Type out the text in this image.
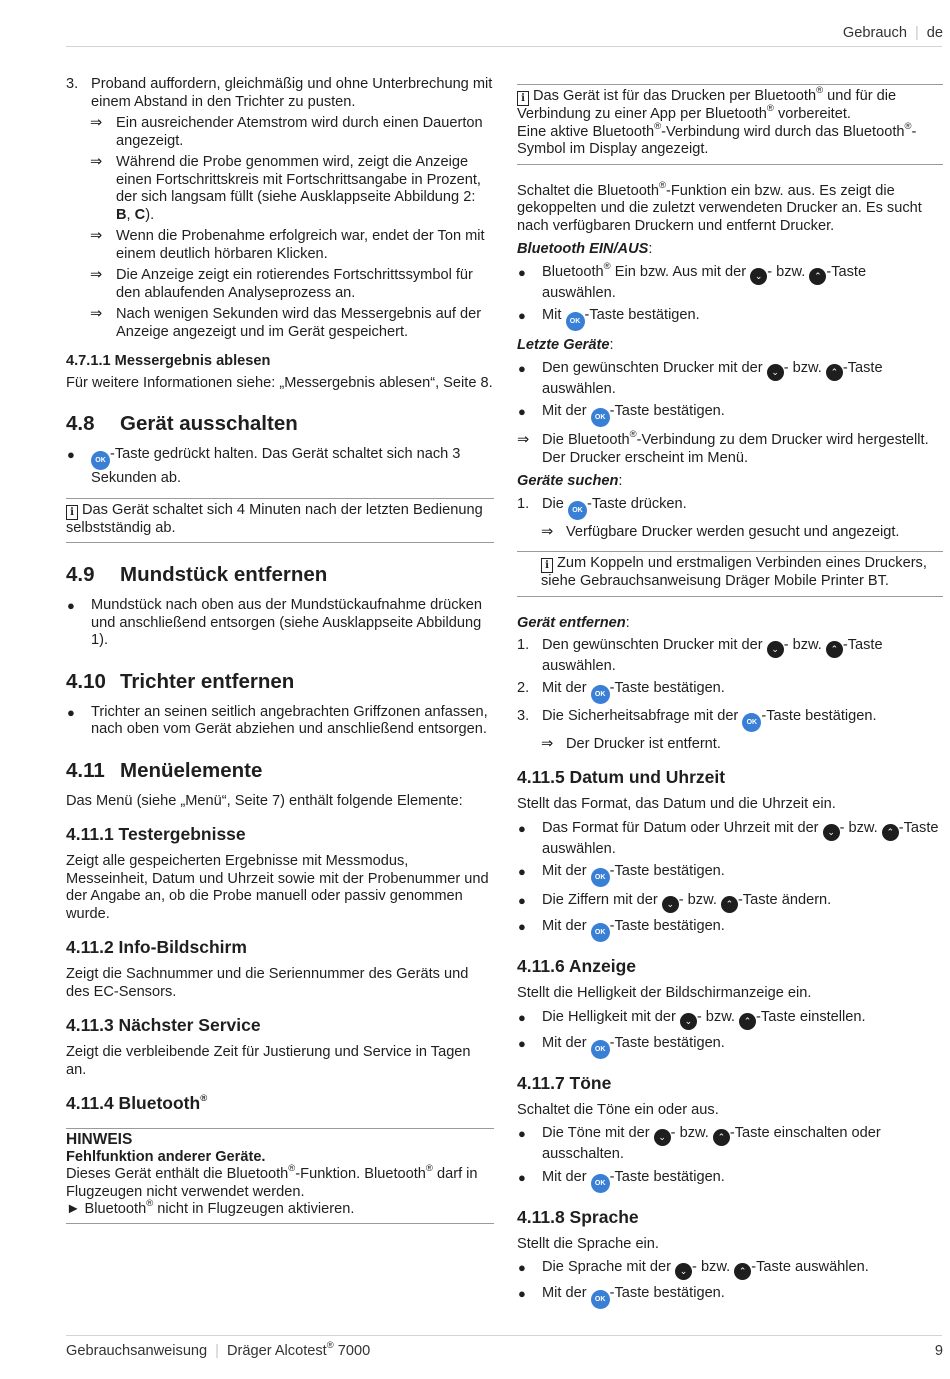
Gebrauch | de
3. Proband auffordern, gleichmäßig und ohne Unterbrechung mit einem Abstand in den Trichter zu pusten.
⇒ Ein ausreichender Atemstrom wird durch einen Dauerton angezeigt.
⇒ Während die Probe genommen wird, zeigt die Anzeige einen Fortschrittskreis mit Fortschrittsangabe in Prozent, der sich langsam füllt (siehe Ausklappseite Abbildung 2: B, C).
⇒ Wenn die Probenahme erfolgreich war, endet der Ton mit einem deutlich hörbaren Klicken.
⇒ Die Anzeige zeigt ein rotierendes Fortschrittssymbol für den ablaufenden Analyseprozess an.
⇒ Nach wenigen Sekunden wird das Messergebnis auf der Anzeige angezeigt und im Gerät gespeichert.
4.7.1.1 Messergebnis ablesen

Für weitere Informationen siehe: „Messergebnis ablesen“, Seite 8.

4.8 Gerät ausschalten
●	OK -Taste gedrückt halten. Das Gerät schaltet sich nach 3 Sekunden ab.
i Das Gerät schaltet sich 4 Minuten nach der letzten Bedienung selbstständig ab.
4.9 Mundstück entfernen
● Mundstück nach oben aus der Mundstückaufnahme drücken und anschließend entsorgen (siehe Ausklappseite Abbildung 1).
4.10 Trichter entfernen
● Trichter an seinen seitlich angebrachten Griffzonen anfassen, nach oben vom Gerät abziehen und anschließend entsorgen.
4.11 Menüelemente

Das Menü (siehe „Menü“, Seite 7) enthält folgende Elemente:

4.11.1 Testergebnisse

Zeigt alle gespeicherten Ergebnisse mit Messmodus, Messeinheit, Datum und Uhrzeit sowie mit der Probenummer und der Angabe an, ob die Probe manuell oder passiv genommen wurde.

4.11.2 Info-Bildschirm

Zeigt die Sachnummer und die Seriennummer des Geräts und des EC-Sensors.

4.11.3 Nächster Service

Zeigt die verbleibende Zeit für Justierung und Service in Tagen an.

4.11.4 Bluetooth®
HINWEIS
Fehlfunktion anderer Geräte.
Dieses Gerät enthält die Bluetooth®-Funktion. Bluetooth® darf in Flugzeugen nicht verwendet werden.
► Bluetooth® nicht in Flugzeugen aktivieren.
i Das Gerät ist für das Drucken per Bluetooth® und für die Verbindung zu einer App per Bluetooth® vorbereitet.
Eine aktive Bluetooth®-Verbindung wird durch das Bluetooth®-Symbol im Display angezeigt.

Schaltet die Bluetooth®-Funktion ein bzw. aus. Es zeigt die gekoppelten und die zuletzt verwendeten Drucker an. Es sucht nach verfügbaren Druckern und entfernt Drucker.

Bluetooth EIN/AUS:
● Bluetooth® Ein bzw. Aus mit der ⌄ - bzw. ⌃ -Taste auswählen.
● Mit OK -Taste bestätigen.
Letzte Geräte:
● Den gewünschten Drucker mit der ⌄ - bzw. ⌃ -Taste auswählen.
● Mit der OK -Taste bestätigen.
⇒ Die Bluetooth®-Verbindung zu dem Drucker wird hergestellt. Der Drucker erscheint im Menü.
Geräte suchen:
1. Die OK -Taste drücken.
⇒ Verfügbare Drucker werden gesucht und angezeigt.
i Zum Koppeln und erstmaligen Verbinden eines Druckers, siehe Gebrauchsanweisung Dräger Mobile Printer BT.
Gerät entfernen:
1. Den gewünschten Drucker mit der ⌄ - bzw. ⌃ -Taste auswählen.
2. Mit der OK -Taste bestätigen.
3. Die Sicherheitsabfrage mit der OK -Taste bestätigen.
⇒ Der Drucker ist entfernt.
4.11.5 Datum und Uhrzeit

Stellt das Format, das Datum und die Uhrzeit ein.

● Das Format für Datum oder Uhrzeit mit der ⌄ - bzw. ⌃ -Taste auswählen.
● Mit der OK -Taste bestätigen.
● Die Ziffern mit der ⌄ - bzw. ⌃ -Taste ändern.
● Mit der OK -Taste bestätigen.
4.11.6 Anzeige

Stellt die Helligkeit der Bildschirmanzeige ein.

● Die Helligkeit mit der ⌄ - bzw. ⌃ -Taste einstellen.
● Mit der OK -Taste bestätigen.
4.11.7 Töne

Schaltet die Töne ein oder aus.

● Die Töne mit der ⌄ - bzw. ⌃ -Taste einschalten oder ausschalten.
● Mit der OK -Taste bestätigen.
4.11.8 Sprache

Stellt die Sprache ein.

● Die Sprache mit der ⌄ - bzw. ⌃ -Taste auswählen.
● Mit der OK -Taste bestätigen.
Gebrauchsanweisung | Dräger Alcotest® 7000	9
